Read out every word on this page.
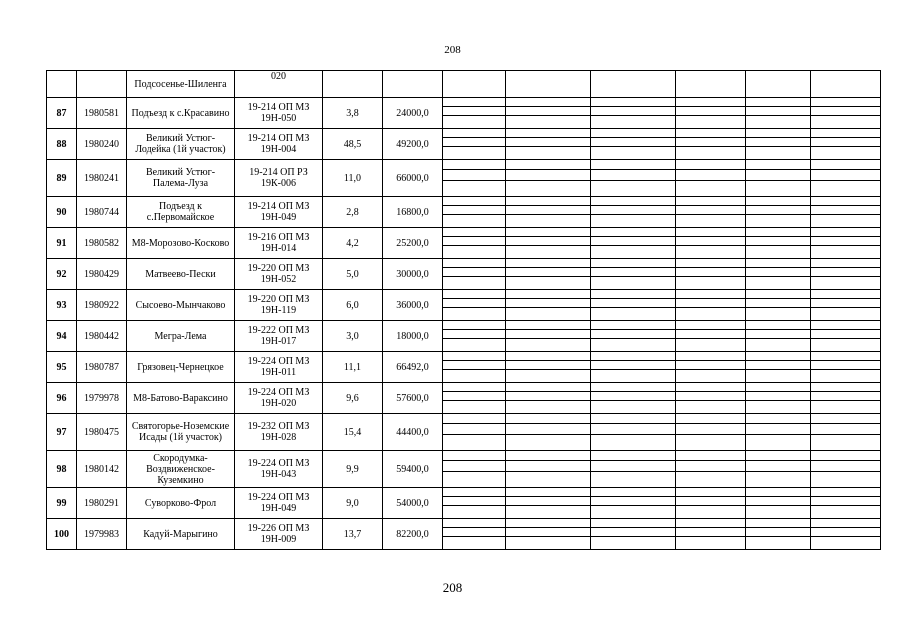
208
		Подсосенье-Шиленга	020								
87	1980581	Подъезд к с.Красавино	19-214 ОП МЗ 19Н-050	3,8	24000,0	

88	1980240	Великий Устюг-Лодейка (1й участок)	19-214 ОП МЗ 19Н-004	48,5	49200,0	

89	1980241	Великий Устюг-Палема-Луза	19-214 ОП РЗ 19К-006	11,0	66000,0	

90	1980744	Подъезд к с.Первомайское	19-214 ОП МЗ 19Н-049	2,8	16800,0	

91	1980582	М8-Морозово-Косково	19-216 ОП МЗ 19Н-014	4,2	25200,0	

92	1980429	Матвеево-Пески	19-220 ОП МЗ 19Н-052	5,0	30000,0	

93	1980922	Сысоево-Мынчаково	19-220 ОП МЗ 19Н-119	6,0	36000,0	

94	1980442	Мегра-Лема	19-222 ОП МЗ 19Н-017	3,0	18000,0	

95	1980787	Грязовец-Чернецкое	19-224 ОП МЗ 19Н-011	11,1	66492,0	

96	1979978	М8-Батово-Вараксино	19-224 ОП МЗ 19Н-020	9,6	57600,0	

97	1980475	Святогорье-Ноземские Исады (1й участок)	19-232 ОП МЗ 19Н-028	15,4	44400,0	

98	1980142	Скородумка-Воздвиженское-Куземкино	19-224 ОП МЗ 19Н-043	9,9	59400,0	

99	1980291	Суворково-Фрол	19-224 ОП МЗ 19Н-049	9,0	54000,0	

100	1979983	Кадуй-Марыгино	19-226 ОП МЗ 19Н-009	13,7	82200,0	

208
